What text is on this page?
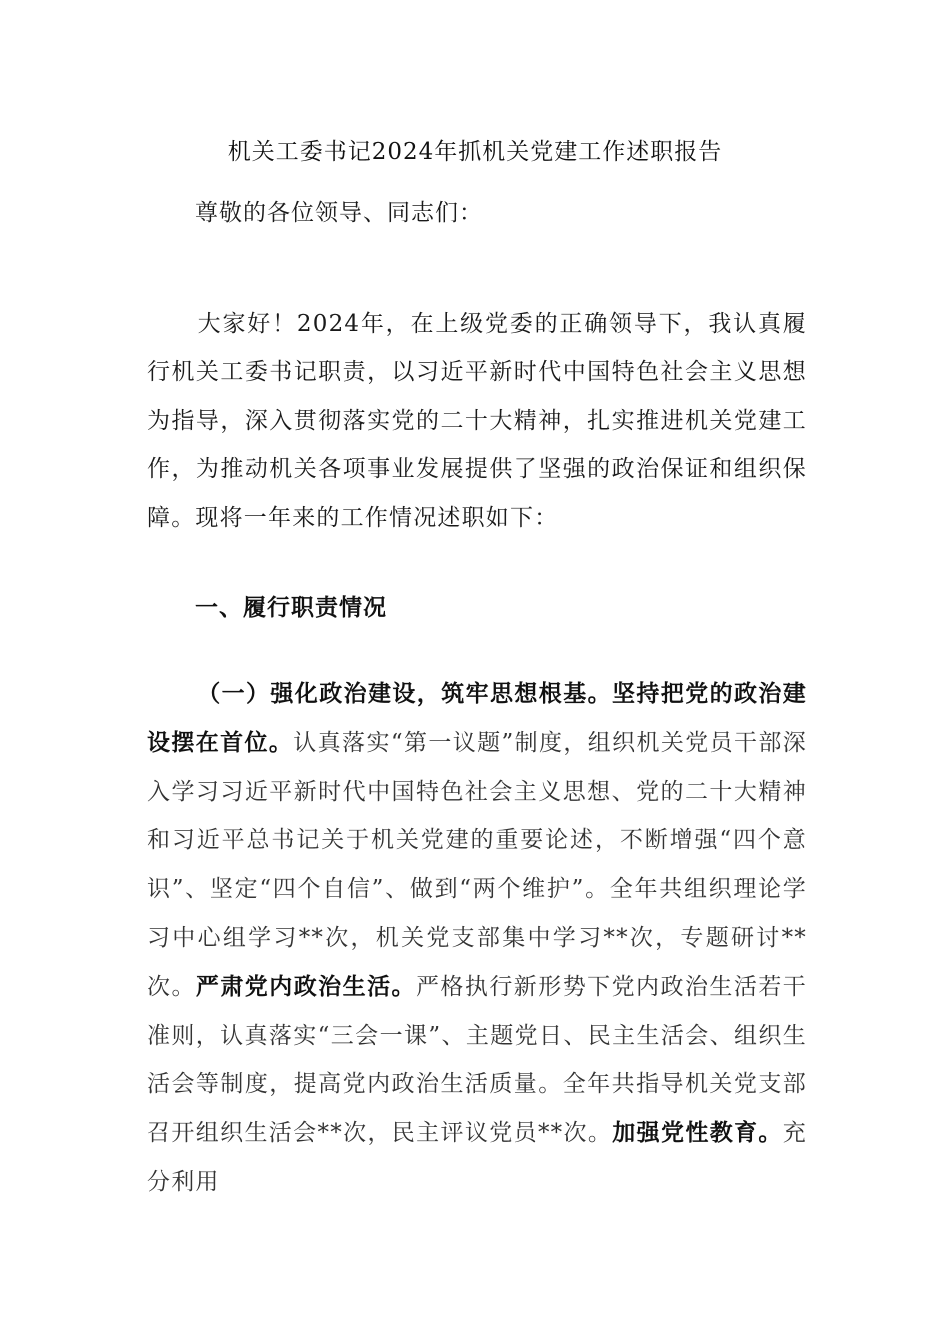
机关工委书记2024年抓机关党建工作述职报告
尊敬的各位领导、同志们：
大家好！2024年，在上级党委的正确领导下，我认真履行机关工委书记职责，以习近平新时代中国特色社会主义思想为指导，深入贯彻落实党的二十大精神，扎实推进机关党建工作，为推动机关各项事业发展提供了坚强的政治保证和组织保障。现将一年来的工作情况述职如下：
一、履行职责情况
（一）强化政治建设，筑牢思想根基。坚持把党的政治建设摆在首位。认真落实“第一议题”制度，组织机关党员干部深入学习习近平新时代中国特色社会主义思想、党的二十大精神和习近平总书记关于机关党建的重要论述，不断增强“四个意识”、坚定“四个自信”、做到“两个维护”。全年共组织理论学习中心组学习**次，机关党支部集中学习**次，专题研讨**次。严肃党内政治生活。严格执行新形势下党内政治生活若干准则，认真落实“三会一课”、主题党日、民主生活会、组织生活会等制度，提高党内政治生活质量。全年共指导机关党支部召开组织生活会**次，民主评议党员**次。加强党性教育。充分利用
